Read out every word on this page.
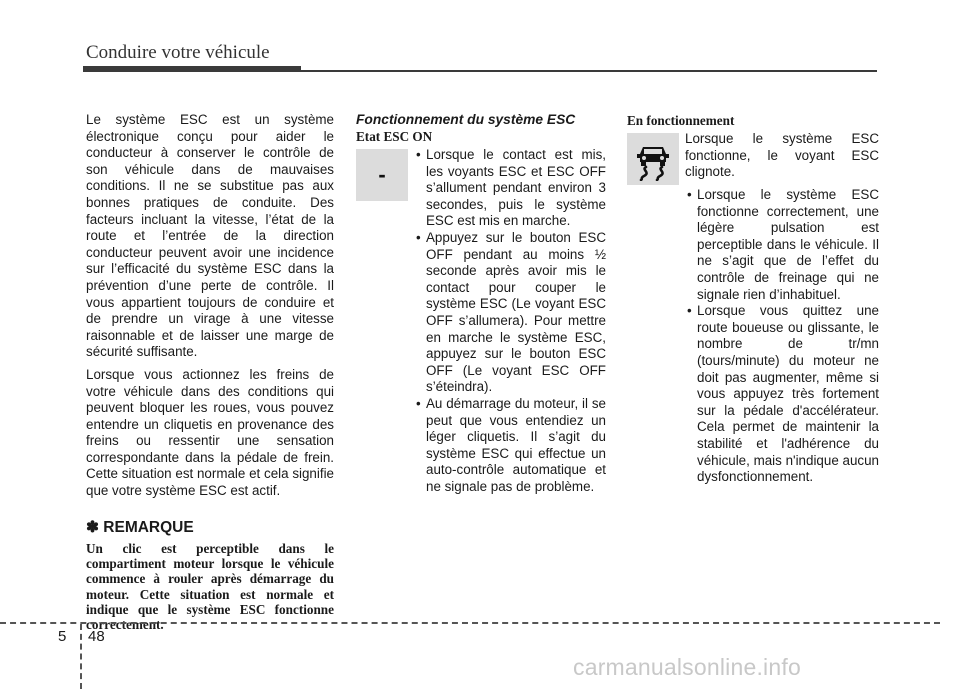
Conduire votre véhicule

Le système ESC est un système électronique conçu pour aider le conducteur à conserver le contrôle de son véhicule dans de mauvaises conditions. Il ne se substitue pas aux bonnes pratiques de conduite. Des facteurs incluant la vitesse, l’état de la route et l’entrée de la direction conducteur peuvent avoir une incidence sur l’efficacité du système ESC dans la prévention d’une perte de contrôle. Il vous appartient toujours de conduire et de prendre un virage à une vitesse raisonnable et de laisser une marge de sécurité suffisante.

Lorsque vous actionnez les freins de votre véhicule dans des conditions qui peuvent bloquer les roues, vous pouvez entendre un cliquetis en provenance des freins ou ressentir une sensation correspondante dans la pédale de frein. Cette situation est normale et cela signifie que votre système ESC est actif.

✽ REMARQUE
Un clic est perceptible dans le compartiment moteur lorsque le véhicule commence à rouler après démarrage du moteur. Cette situation est normale et indique que le système ESC fonctionne correctement.
Fonctionnement du système ESC
Etat ESC ON
-
• Lorsque le contact est mis, les voyants ESC et ESC OFF s’allument pendant environ 3 secondes, puis le système ESC est mis en marche.
• Appuyez sur le bouton ESC OFF pendant au moins ½ seconde après avoir mis le contact pour couper le système ESC (Le voyant ESC OFF s’allumera). Pour mettre en marche le système ESC, appuyez sur le bouton ESC OFF (Le voyant ESC OFF s’éteindra).
• Au démarrage du moteur, il se peut que vous entendiez un léger cliquetis. Il s’agit du système ESC qui effectue un auto-contrôle automatique et ne signale pas de problème.
En fonctionnement

Lorsque le système ESC fonctionne, le voyant ESC clignote.

• Lorsque le système ESC fonctionne correctement, une légère pulsation est perceptible dans le véhicule. Il ne s’agit que de l’effet du contrôle de freinage qui ne signale rien d’inhabituel.
• Lorsque vous quittez une route boueuse ou glissante, le nombre de tr/mn (tours/minute) du moteur ne doit pas augmenter, même si vous appuyez très fortement sur la pédale d'accélérateur. Cela permet de maintenir la stabilité et l'adhérence du véhicule, mais n'indique aucun dysfonctionnement.
5 48
carmanualsonline.info
